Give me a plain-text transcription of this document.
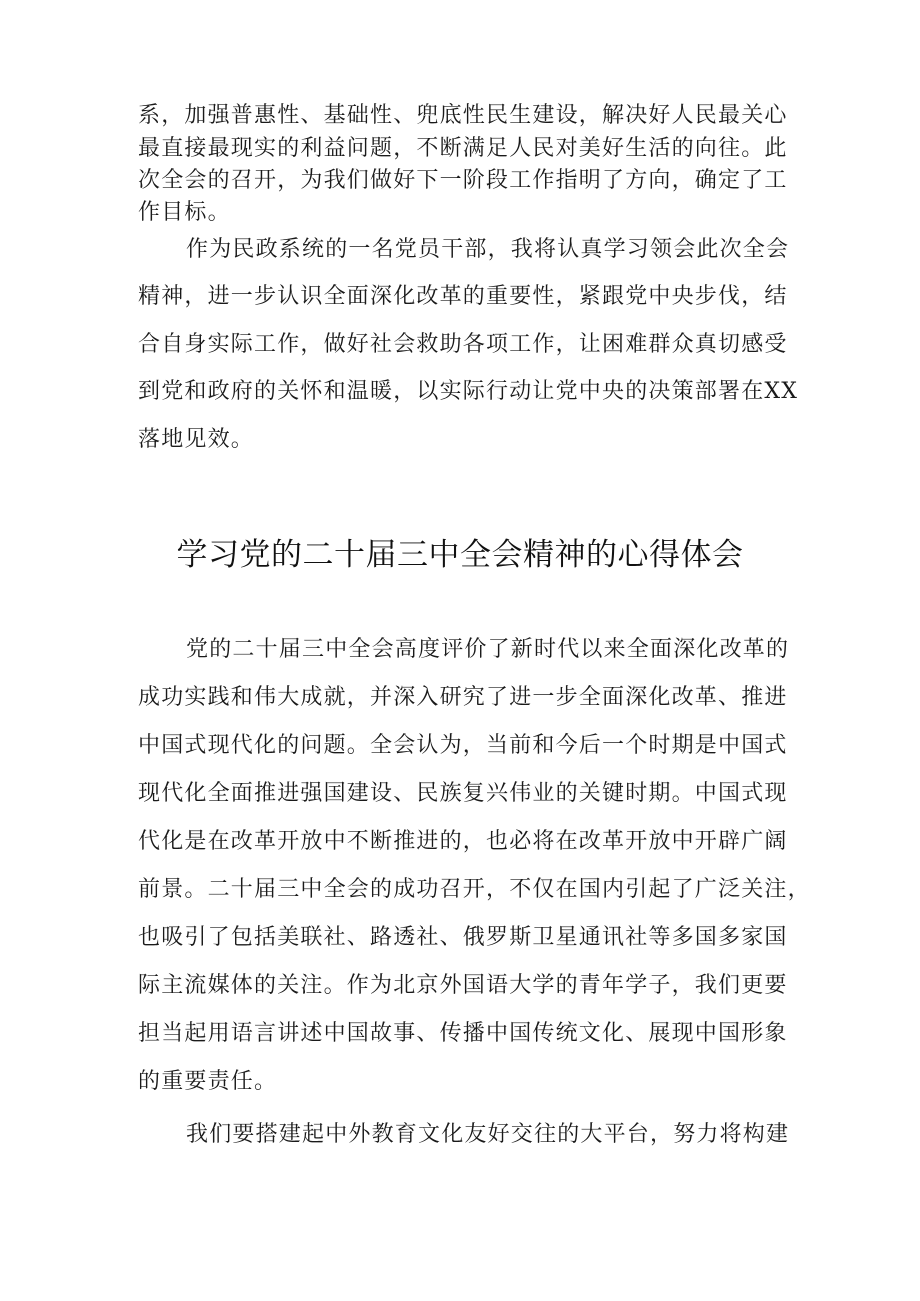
系，加强普惠性、基础性、兜底性民生建设，解决好人民最关心
最直接最现实的利益问题，不断满足人民对美好生活的向往。此
次全会的召开，为我们做好下一阶段工作指明了方向，确定了工
作目标。
作为民政系统的一名党员干部，我将认真学习领会此次全会
精神，进一步认识全面深化改革的重要性，紧跟党中央步伐，结
合自身实际工作，做好社会救助各项工作，让困难群众真切感受
到党和政府的关怀和温暖，以实际行动让党中央的决策部署在XX
落地见效。
学习党的二十届三中全会精神的心得体会
党的二十届三中全会高度评价了新时代以来全面深化改革的
成功实践和伟大成就，并深入研究了进一步全面深化改革、推进
中国式现代化的问题。全会认为，当前和今后一个时期是中国式
现代化全面推进强国建设、民族复兴伟业的关键时期。中国式现
代化是在改革开放中不断推进的，也必将在改革开放中开辟广阔
前景。二十届三中全会的成功召开，不仅在国内引起了广泛关注，
也吸引了包括美联社、路透社、俄罗斯卫星通讯社等多国多家国
际主流媒体的关注。作为北京外国语大学的青年学子，我们更要
担当起用语言讲述中国故事、传播中国传统文化、展现中国形象
的重要责任。
我们要搭建起中外教育文化友好交往的大平台，努力将构建
